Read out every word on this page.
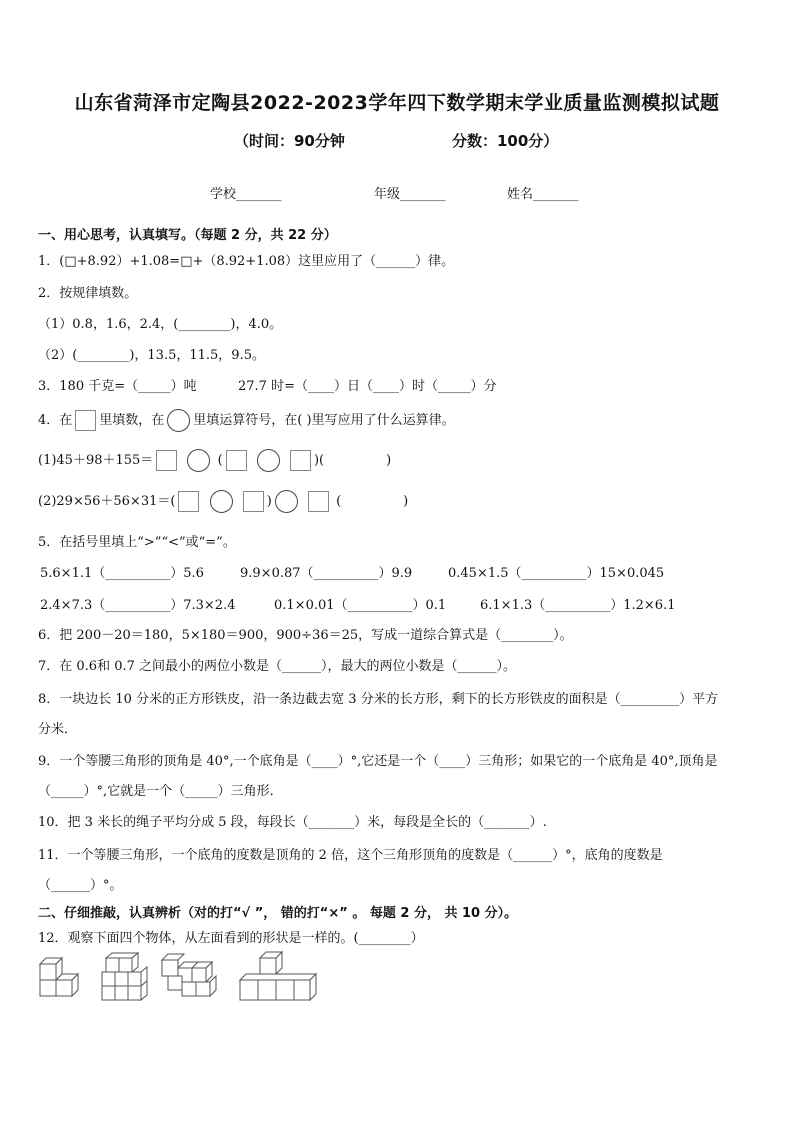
山东省菏泽市定陶县2022-2023学年四下数学期末学业质量监测模拟试题
（时间：90分钟	分数：100分）
学校_______	年级_______	姓名_______
一、用心思考，认真填写。（每题 2 分，共 22 分）
1．(□+8.92）+1.08=□+（8.92+1.08）这里应用了（______）律。
2．按规律填数。
（1）0.8，1.6，2.4，(________)，4.0。
（2）(________)，13.5，11.5，9.5。
3．180 千克=（_____）吨	27.7 时=（____）日（____）时（_____）分
4．在 里填数，在 里填运算符号，在( )里写应用了什么运算律。
(1)45＋98＋155＝	(	)(	)
(2)29×56＋56×31＝(	)	(	)
5．在括号里填上“>”“<”或“=”。
5.6×1.1（__________）5.6	9.9×0.87（__________）9.9	0.45×1.5（__________）15×0.045
2.4×7.3（__________）7.3×2.4	0.1×0.01（__________）0.1	6.1×1.3（__________）1.2×6.1
6．把 200－20＝180，5×180＝900，900÷36＝25，写成一道综合算式是（________）。
7．在 0.6和 0.7 之间最小的两位小数是（______），最大的两位小数是（______）。
8．一块边长 10 分米的正方形铁皮，沿一条边截去宽 3 分米的长方形，剩下的长方形铁皮的面积是（_________）平方
分米．
9．一个等腰三角形的顶角是 40°,一个底角是（____）°,它还是一个（____）三角形；如果它的一个底角是 40°,顶角是
（_____）°,它就是一个（_____）三角形．
10．把 3 米长的绳子平均分成 5 段，每段长（_______）米，每段是全长的（_______）.
11．一个等腰三角形，一个底角的度数是顶角的 2 倍，这个三角形顶角的度数是（______）°，底角的度数是
（______）°。
二、仔细推敲，认真辨析（对的打“√ ”， 错的打“×” 。 每题 2 分， 共 10 分）。
12．观察下面四个物体，从左面看到的形状是一样的。(________）
